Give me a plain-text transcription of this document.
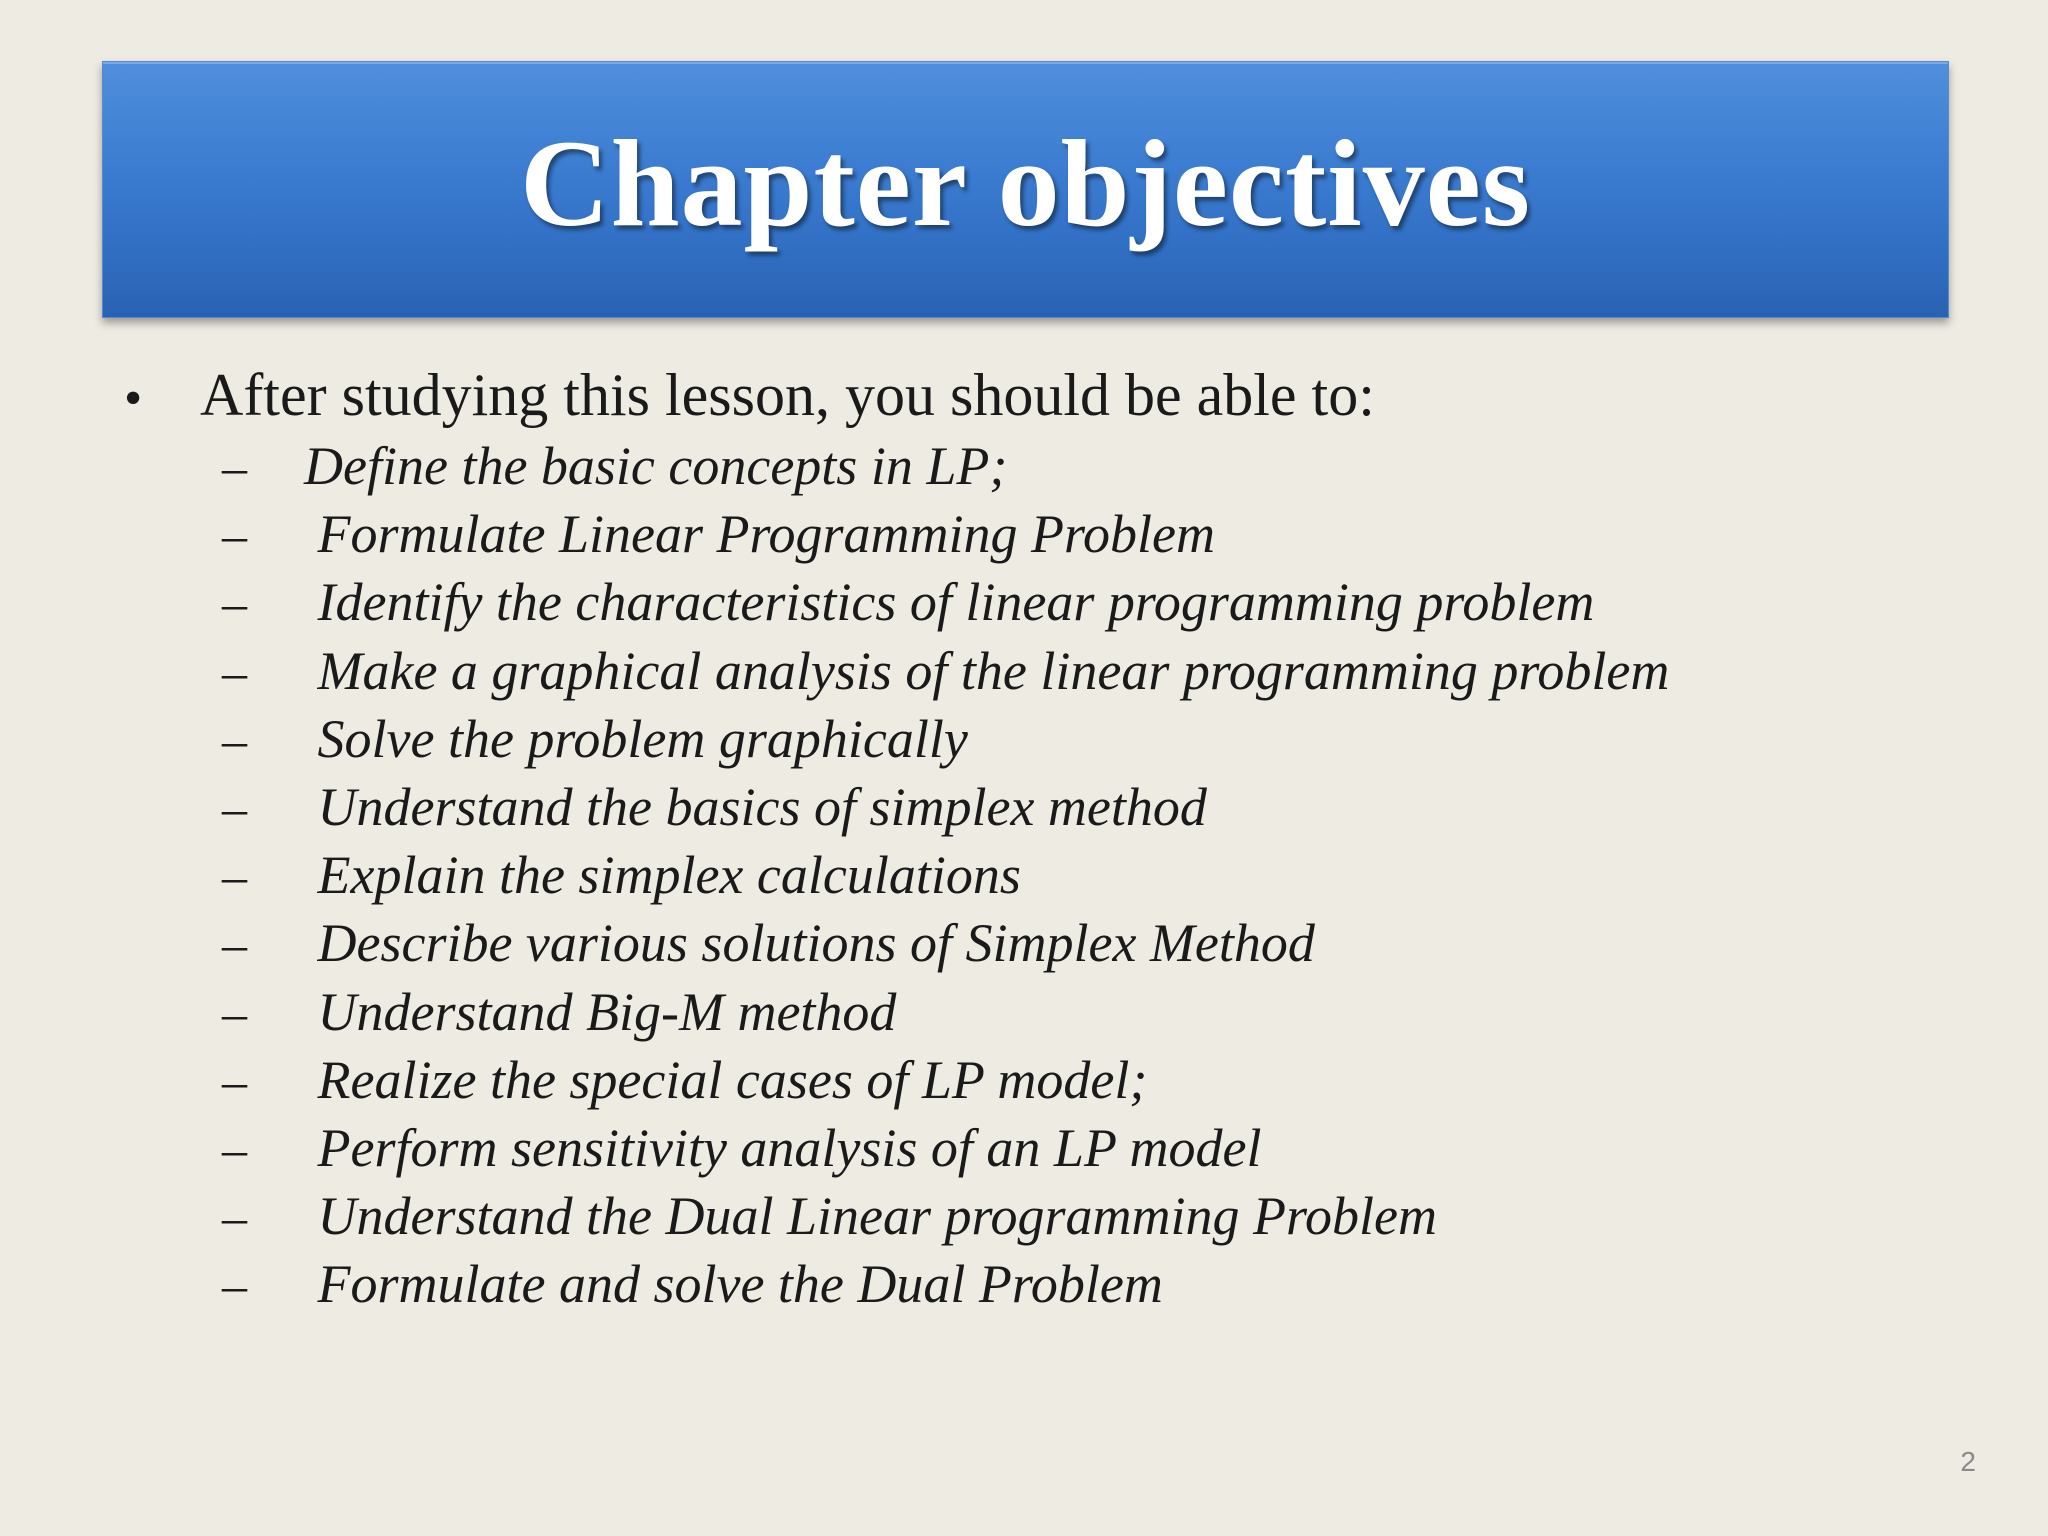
Chapter objectives
• After studying this lesson, you should be able to:
– Define the basic concepts in LP;
– Formulate Linear Programming Problem
– Identify the characteristics of linear programming problem
– Make a graphical analysis of the linear programming problem
– Solve the problem graphically
– Understand the basics of simplex method
– Explain the simplex calculations
– Describe various solutions of Simplex Method
– Understand Big-M method
– Realize the special cases of LP model;
– Perform sensitivity analysis of an LP model
– Understand the Dual Linear programming Problem
– Formulate and solve the Dual Problem
2
